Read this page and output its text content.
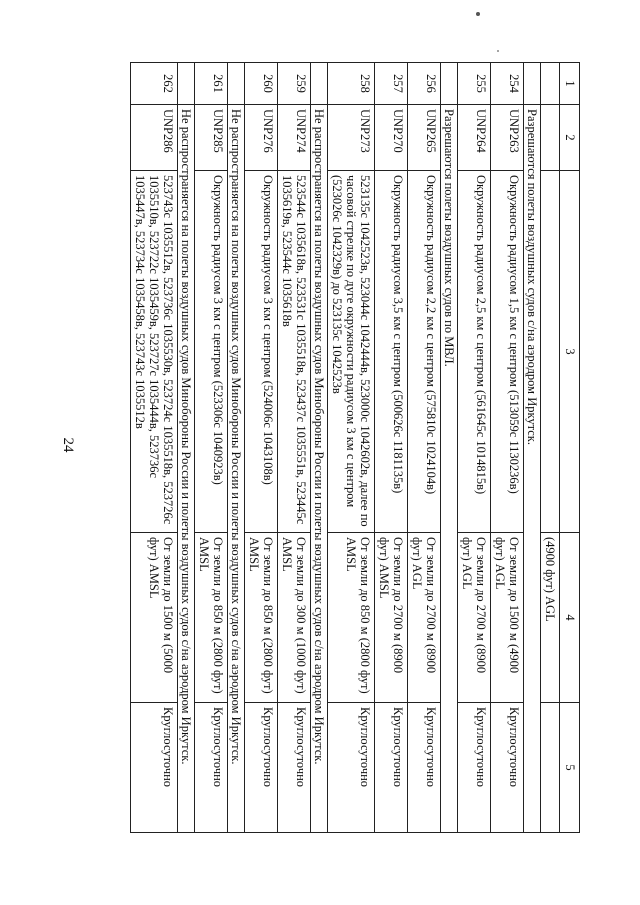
24
1	2	3	4	5
			(4900 фут) AGL	
	Разрешаются полеты воздушных судов с/на аэродром Иркутск.			
254	UNP263	Окружность радиусом 1,5 км с центром (513059с 1130236в)	От земли до 1500 м (4900 фут) AGL	Круглосуточно
255	UNP264	Окружность радиусом 2,5 км с центром (561645с 1014815в)	От земли до 2700 м (8900 фут) AGL	Круглосуточно
	Разрешаются полеты воздушных судов по МВЛ.			
256	UNP265	Окружность радиусом 2,2 км с центром (575810с 1024104в)	От земли до 2700 м (8900 фут) AGL	Круглосуточно
257	UNP270	Окружность радиусом 3,5 км с центром (500626с 1181135в)	От земли до 2700 м (8900 фут) AMSL	Круглосуточно
258	UNP273	523135с 1042523в, 523044с 1042444в, 523000с 1042602в, далее по часовой стрелке по дуге окружности радиусом 3 км с центром (523026с 1042329в) до 523135с 1042523в	От земли до 850 м (2800 фут) AMSL	Круглосуточно
	Не распространяется на полеты воздушных судов Минобороны России и полеты воздушных судов с/на аэродром Иркутск.			
259	UNP274	523544с 1035618в, 523531с 1035518в, 523437с 1035551в, 523445с 1035619в, 523544с 1035618в	От земли до 300 м (1000 фут) AMSL	Круглосуточно
260	UNP276	Окружность радиусом 3 км с центром (524006с 1043108в)	От земли до 850 м (2800 фут) AMSL	Круглосуточно
	Не распространяется на полеты воздушных судов Минобороны России и полеты воздушных судов с/на аэродром Иркутск.			
261	UNP285	Окружность радиусом 3 км с центром (523306с 1040923в)	От земли до 850 м (2800 фут) AMSL	Круглосуточно
	Не распространяется на полеты воздушных судов Минобороны России и полеты воздушных судов с/на аэродром Иркутск.			
262	UNP286	523743с 1035512в, 523736с 1035530в, 523724с 1035518в, 523726с 1035510в, 523722с 1035459в, 523727с 1035444в, 523736с 1035447в, 523734с 1035458в, 523743с 1035512в	От земли до 1500 м (5000 фут) AMSL	Круглосуточно
